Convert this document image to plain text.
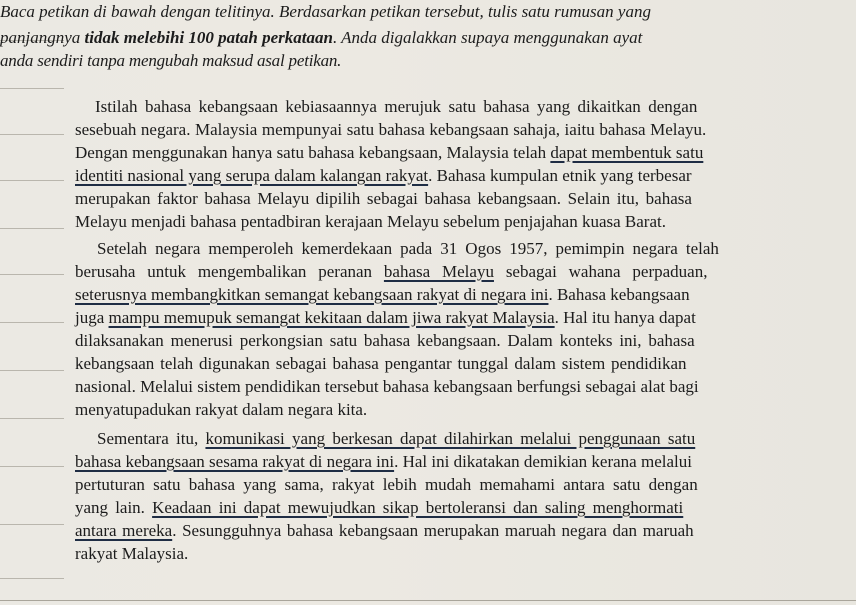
Baca petikan di bawah dengan telitinya. Berdasarkan petikan tersebut, tulis satu rumusan yang
panjangnya tidak melebihi 100 patah perkataan. Anda digalakkan supaya menggunakan ayat
anda sendiri tanpa mengubah maksud asal petikan.
Istilah bahasa kebangsaan kebiasaannya merujuk satu bahasa yang dikaitkan dengan
sesebuah negara. Malaysia mempunyai satu bahasa kebangsaan sahaja, iaitu bahasa Melayu.
Dengan menggunakan hanya satu bahasa kebangsaan, Malaysia telah dapat membentuk satu
identiti nasional yang serupa dalam kalangan rakyat. Bahasa kumpulan etnik yang terbesar
merupakan faktor bahasa Melayu dipilih sebagai bahasa kebangsaan. Selain itu, bahasa
Melayu menjadi bahasa pentadbiran kerajaan Melayu sebelum penjajahan kuasa Barat.
Setelah negara memperoleh kemerdekaan pada 31 Ogos 1957, pemimpin negara telah
berusaha untuk mengembalikan peranan bahasa Melayu sebagai wahana perpaduan,
seterusnya membangkitkan semangat kebangsaan rakyat di negara ini. Bahasa kebangsaan
juga mampu memupuk semangat kekitaan dalam jiwa rakyat Malaysia. Hal itu hanya dapat
dilaksanakan menerusi perkongsian satu bahasa kebangsaan. Dalam konteks ini, bahasa
kebangsaan telah digunakan sebagai bahasa pengantar tunggal dalam sistem pendidikan
nasional. Melalui sistem pendidikan tersebut bahasa kebangsaan berfungsi sebagai alat bagi
menyatupadukan rakyat dalam negara kita.
Sementara itu, komunikasi yang berkesan dapat dilahirkan melalui penggunaan satu
bahasa kebangsaan sesama rakyat di negara ini. Hal ini dikatakan demikian kerana melalui
pertuturan satu bahasa yang sama, rakyat lebih mudah memahami antara satu dengan
yang lain. Keadaan ini dapat mewujudkan sikap bertoleransi dan saling menghormati
antara mereka. Sesungguhnya bahasa kebangsaan merupakan maruah negara dan maruah
rakyat Malaysia.
